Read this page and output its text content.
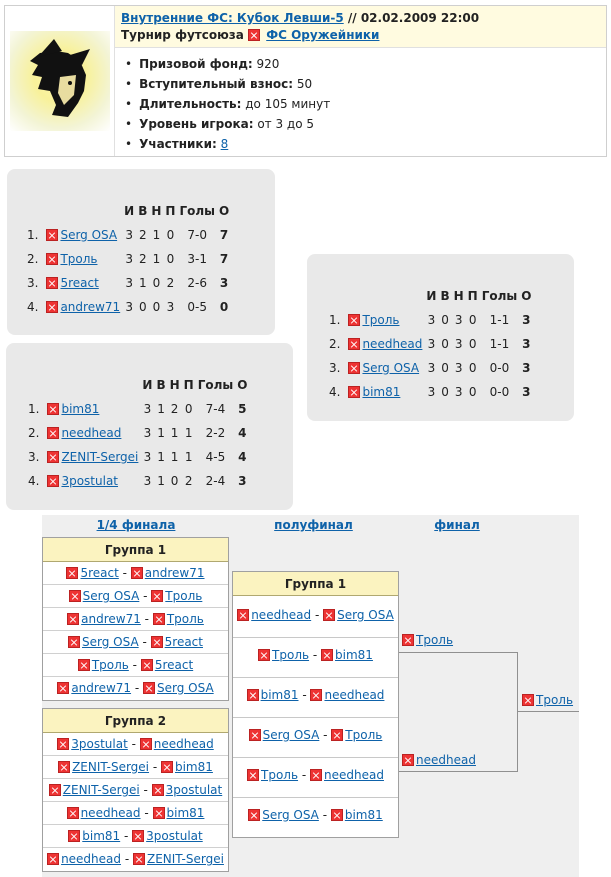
Внутренние ФС: Кубок Левши-5 // 02.02.2009 22:00
Турнир футсоюза  ФС Оружейники
• Призовой фонд: 920
• Вступительный взнос: 50
• Длительность: до 105 минут
• Уровень игрока: от 3 до 5
• Участники: 8
		И	В	Н	П	Голы	О
1.	Serg OSA	3	2	1	0	7-0	7
2.	Троль	3	2	1	0	3-1	7
3.	5react	3	1	0	2	2-6	3
4.	andrew71	3	0	0	3	0-5	0
		И	В	Н	П	Голы	О
1.	Троль	3	0	3	0	1-1	3
2.	needhead	3	0	3	0	1-1	3
3.	Serg OSA	3	0	3	0	0-0	3
4.	bim81	3	0	3	0	0-0	3
		И	В	Н	П	Голы	О
1.	bim81	3	1	2	0	7-4	5
2.	needhead	3	1	1	1	2-2	4
3.	ZENIT-Sergei	3	1	1	1	4-5	4
4.	3postulat	3	1	0	2	2-4	3
1/4 финала	полуфинал	финал
Группа 1
5react - andrew71
Serg OSA - Троль
andrew71 - Троль
Serg OSA - 5react
Троль - 5react
andrew71 - Serg OSA
Группа 2
3postulat - needhead
ZENIT-Sergei - bim81
ZENIT-Sergei - 3postulat
needhead - bim81
bim81 - 3postulat
needhead - ZENIT-Sergei
Группа 1
needhead - Serg OSA
Троль - bim81
bim81 - needhead
Serg OSA - Троль
Троль - needhead
Serg OSA - bim81
Троль
needhead
Троль
